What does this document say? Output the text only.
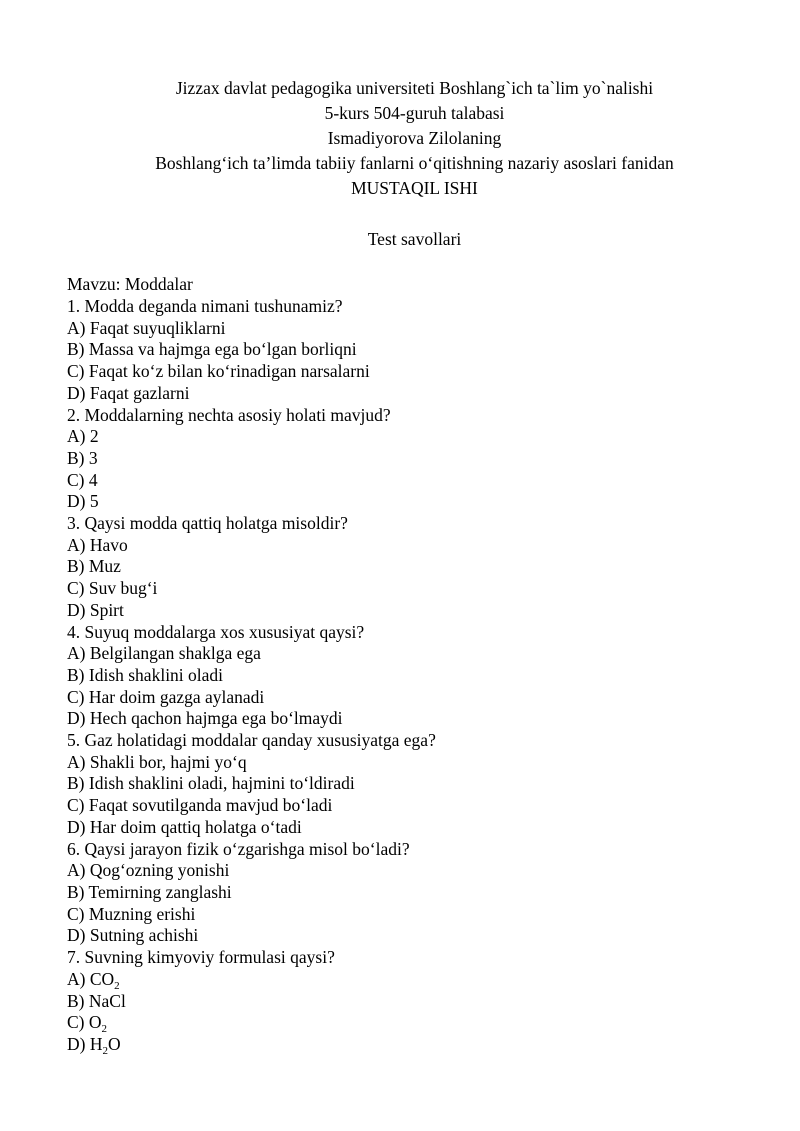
Jizzax davlat pedagogika universiteti Boshlang`ich ta`lim yo`nalishi
5-kurs 504-guruh talabasi
Ismadiyorova Zilolaning
Boshlang‘ich ta’limda tabiiy fanlarni o‘qitishning nazariy asoslari fanidan
MUSTAQIL ISHI
Test savollari
Mavzu: Moddalar
1. Modda deganda nimani tushunamiz?
A) Faqat suyuqliklarni
B) Massa va hajmga ega bo‘lgan borliqni
C) Faqat ko‘z bilan ko‘rinadigan narsalarni
D) Faqat gazlarni
2. Moddalarning nechta asosiy holati mavjud?
A) 2
B) 3
C) 4
D) 5
3. Qaysi modda qattiq holatga misoldir?
A) Havo
B) Muz
C) Suv bug‘i
D) Spirt
4. Suyuq moddalarga xos xususiyat qaysi?
A) Belgilangan shaklga ega
B) Idish shaklini oladi
C) Har doim gazga aylanadi
D) Hech qachon hajmga ega bo‘lmaydi
5. Gaz holatidagi moddalar qanday xususiyatga ega?
A) Shakli bor, hajmi yo‘q
B) Idish shaklini oladi, hajmini to‘ldiradi
C) Faqat sovutilganda mavjud bo‘ladi
D) Har doim qattiq holatga o‘tadi
6. Qaysi jarayon fizik o‘zgarishga misol bo‘ladi?
A) Qog‘ozning yonishi
B) Temirning zanglashi
C) Muzning erishi
D) Sutning achishi
7. Suvning kimyoviy formulasi qaysi?
A) $CO_2$
B) NaCl
C) $O_2$
D) $H_2O$
